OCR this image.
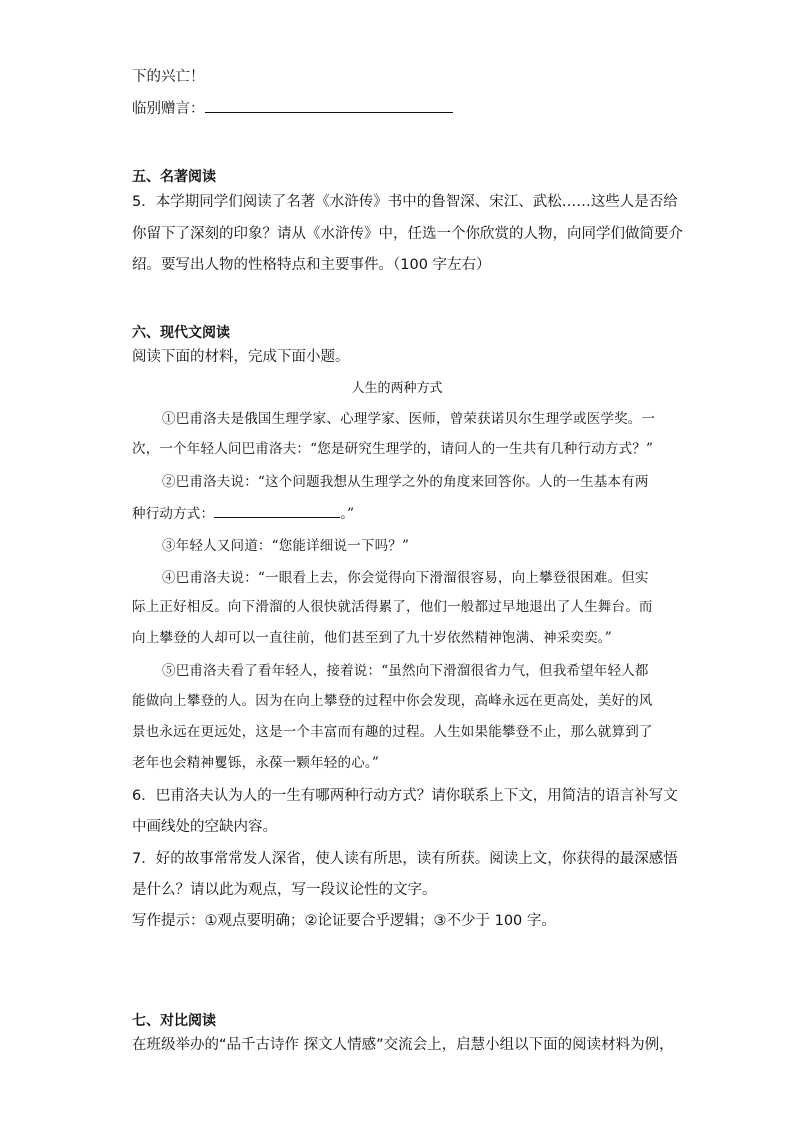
下的兴亡！
临别赠言：
五、名著阅读
5．本学期同学们阅读了名著《水浒传》书中的鲁智深、宋江、武松……这些人是否给
你留下了深刻的印象？请从《水浒传》中，任选一个你欣赏的人物，向同学们做简要介
绍。要写出人物的性格特点和主要事件。（100 字左右）
六、现代文阅读
阅读下面的材料，完成下面小题。
人生的两种方式
①巴甫洛夫是俄国生理学家、心理学家、医师，曾荣获诺贝尔生理学或医学奖。一
次，一个年轻人问巴甫洛夫：“您是研究生理学的，请问人的一生共有几种行动方式？”
②巴甫洛夫说：“这个问题我想从生理学之外的角度来回答你。人的一生基本有两
种行动方式：	。”
③年轻人又问道：“您能详细说一下吗？”
④巴甫洛夫说：“一眼看上去，你会觉得向下滑溜很容易，向上攀登很困难。但实
际上正好相反。向下滑溜的人很快就活得累了，他们一般都过早地退出了人生舞台。而
向上攀登的人却可以一直往前，他们甚至到了九十岁依然精神饱满、神采奕奕。”
⑤巴甫洛夫看了看年轻人，接着说：“虽然向下滑溜很省力气，但我希望年轻人都
能做向上攀登的人。因为在向上攀登的过程中你会发现，高峰永远在更高处，美好的风
景也永远在更远处，这是一个丰富而有趣的过程。人生如果能攀登不止，那么就算到了
老年也会精神矍铄，永葆一颗年轻的心。”
6．巴甫洛夫认为人的一生有哪两种行动方式？请你联系上下文，用简洁的语言补写文
中画线处的空缺内容。
7．好的故事常常发人深省，使人读有所思，读有所获。阅读上文，你获得的最深感悟
是什么？请以此为观点，写一段议论性的文字。
写作提示：①观点要明确；②论证要合乎逻辑；③不少于 100 字。
七、对比阅读
在班级举办的“品千古诗作 探文人情感”交流会上，启慧小组以下面的阅读材料为例，
